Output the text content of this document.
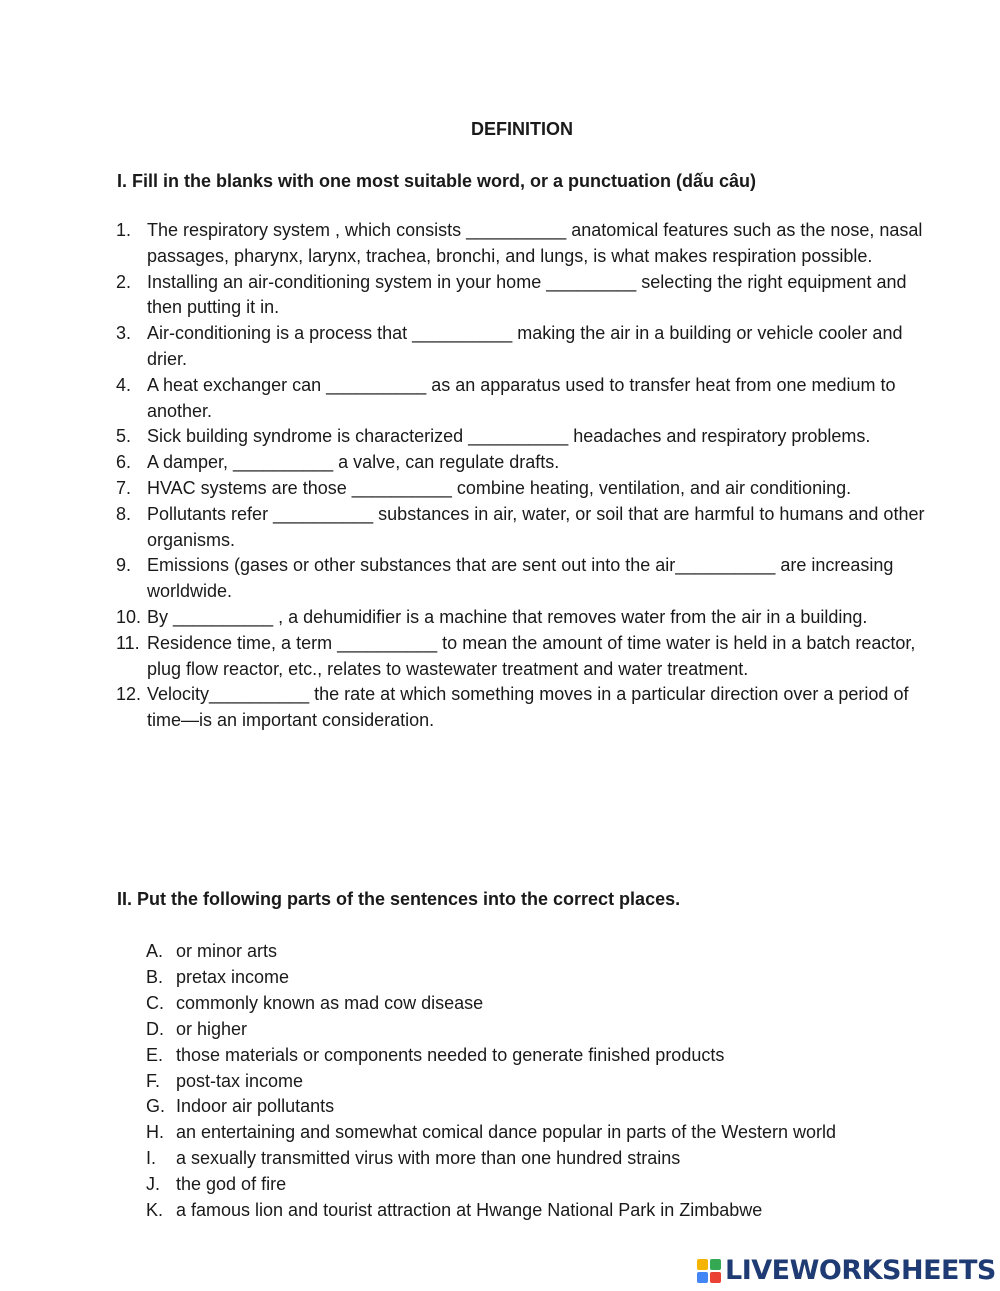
DEFINITION
I. Fill in the blanks with one most suitable word, or a punctuation (dấu câu)
1. The respiratory system , which consists __________ anatomical features such as the nose, nasal passages, pharynx, larynx, trachea, bronchi, and lungs, is what makes respiration possible.
2. Installing an air-conditioning system in your home _________ selecting the right equipment and then putting it in.
3. Air-conditioning is a process that __________ making the air in a building or vehicle cooler and drier.
4. A heat exchanger can __________ as an apparatus used to transfer heat from one medium to another.
5. Sick building syndrome is characterized __________ headaches and respiratory problems.
6. A damper, __________ a valve, can regulate drafts.
7. HVAC systems are those __________ combine heating, ventilation, and air conditioning.
8. Pollutants refer __________ substances in air, water, or soil that are harmful to humans and other organisms.
9. Emissions (gases or other substances that are sent out into the air__________ are increasing worldwide.
10. By __________ , a dehumidifier is a machine that removes water from the air in a building.
11. Residence time, a term __________ to mean the amount of time water is held in a batch reactor, plug flow reactor, etc., relates to wastewater treatment and water treatment.
12. Velocity__________ the rate at which something moves in a particular direction over a period of time—is an important consideration.
II. Put the following parts of the sentences into the correct places.
A. or minor arts
B. pretax income
C. commonly known as mad cow disease
D. or higher
E. those materials or components needed to generate finished products
F. post-tax income
G. Indoor air pollutants
H. an entertaining and somewhat comical dance popular in parts of the Western world
I. a sexually transmitted virus with more than one hundred strains
J. the god of fire
K. a famous lion and tourist attraction at Hwange National Park in Zimbabwe
LIVEWORKSHEETS
